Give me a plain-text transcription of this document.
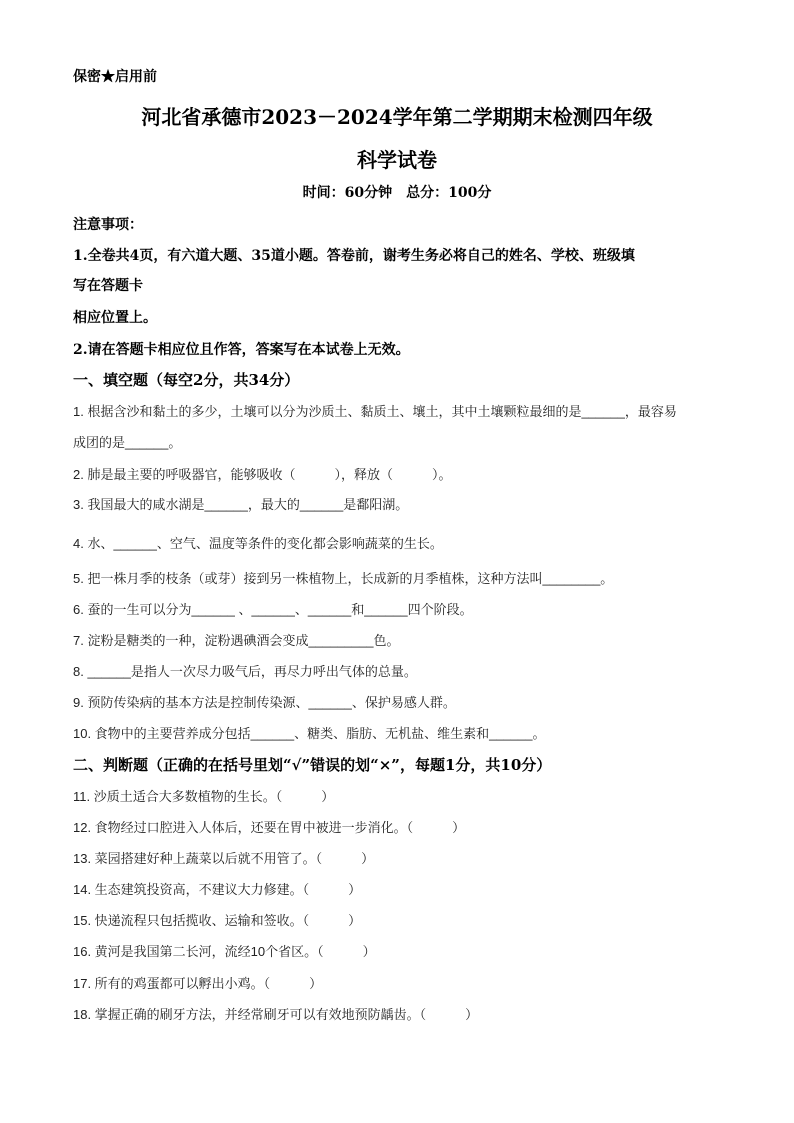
保密★启用前
河北省承德市2023－2024学年第二学期期末检测四年级
科学试卷
时间：60分钟　总分：100分
注意事项：
1.全卷共4页，有六道大题、35道小题。答卷前，谢考生务必将自己的姓名、学校、班级填
写在答题卡
相应位置上。
2.请在答题卡相应位且作答，答案写在本试卷上无效。
一、填空题（每空2分，共34分）
1. 根据含沙和黏土的多少，土壤可以分为沙质土、黏质土、壤土，其中土壤颗粒最细的是______，最容易
成团的是______。
2. 肺是最主要的呼吸器官，能够吸收（　　　），释放（　　　）。
3. 我国最大的咸水湖是______，最大的______是鄱阳湖。
4. 水、______、空气、温度等条件的变化都会影响蔬菜的生长。
5. 把一株月季的枝条（或芽）接到另一株植物上，长成新的月季植株，这种方法叫________。
6. 蚕的一生可以分为______ 、______、______和______四个阶段。
7. 淀粉是糖类的一种，淀粉遇碘酒会变成_________色。
8. ______是指人一次尽力吸气后，再尽力呼出气体的总量。
9. 预防传染病的基本方法是控制传染源、______、保护易感人群。
10. 食物中的主要营养成分包括______、糖类、脂肪、无机盐、维生素和______。
二、判断题（正确的在括号里划“√”错误的划“×”，每题1分，共10分）
11. 沙质土适合大多数植物的生长。（　　　）
12. 食物经过口腔进入人体后，还要在胃中被进一步消化。（　　　）
13. 菜园搭建好种上蔬菜以后就不用管了。（　　　）
14. 生态建筑投资高，不建议大力修建。（　　　）
15. 快递流程只包括揽收、运输和签收。（　　　）
16. 黄河是我国第二长河，流经10个省区。（　　　）
17. 所有的鸡蛋都可以孵出小鸡。（　　　）
18. 掌握正确的刷牙方法，并经常刷牙可以有效地预防龋齿。（　　　）
